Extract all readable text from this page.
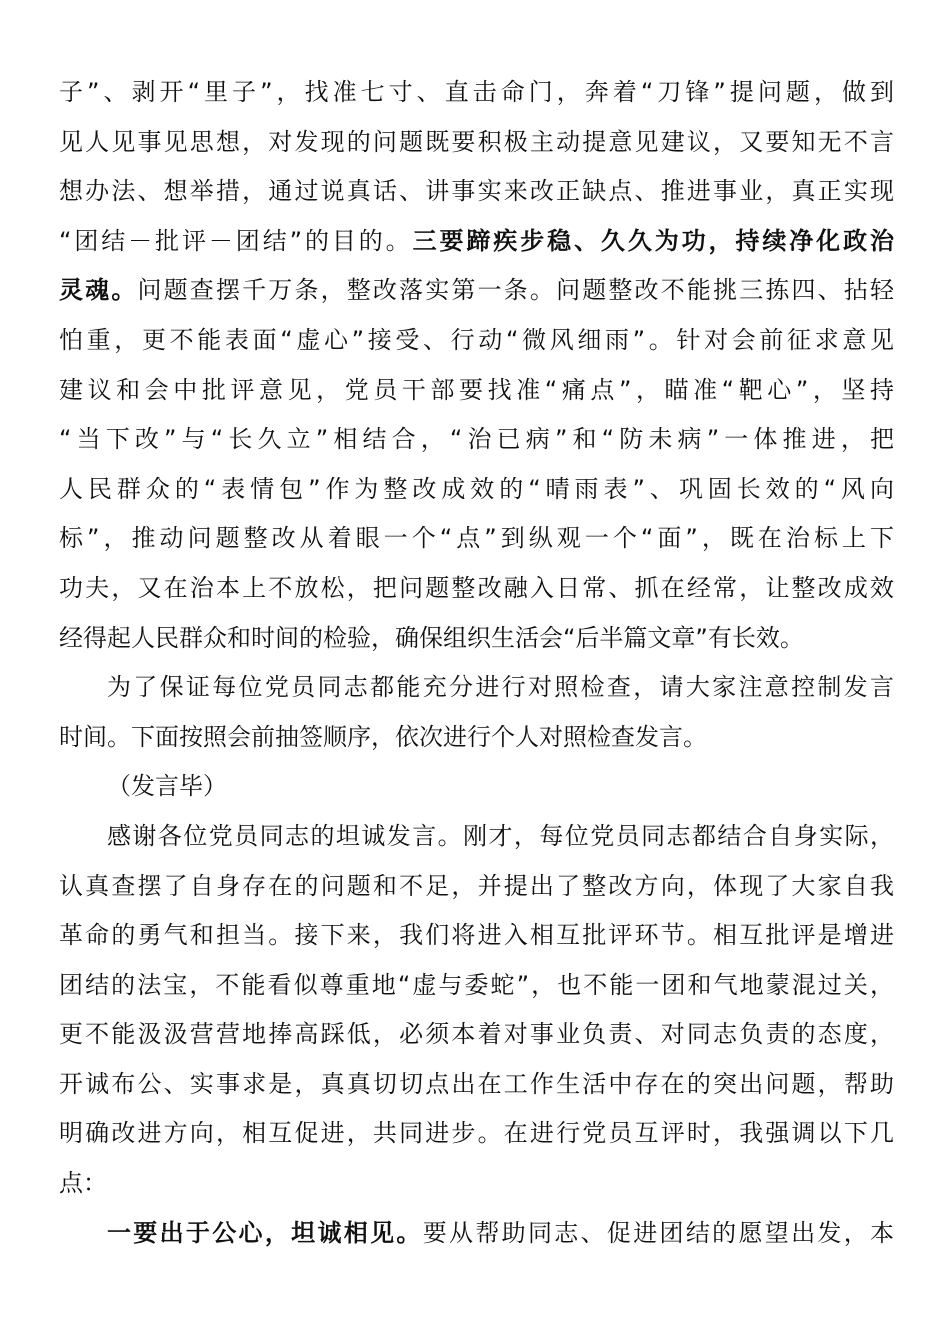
子”、剥开“里子”，找准七寸、直击命门，奔着“刀锋”提问题，做到
见人见事见思想，对发现的问题既要积极主动提意见建议，又要知无不言
想办法、想举措，通过说真话、讲事实来改正缺点、推进事业，真正实现
“团结－批评－团结”的目的。三要蹄疾步稳、久久为功，持续净化政治
灵魂。问题查摆千万条，整改落实第一条。问题整改不能挑三拣四、拈轻
怕重，更不能表面“虚心”接受、行动“微风细雨”。针对会前征求意见
建议和会中批评意见，党员干部要找准“痛点”，瞄准“靶心”，坚持
“当下改”与“长久立”相结合，“治已病”和“防未病”一体推进，把
人民群众的“表情包”作为整改成效的“晴雨表”、巩固长效的“风向
标”，推动问题整改从着眼一个“点”到纵观一个“面”，既在治标上下
功夫，又在治本上不放松，把问题整改融入日常、抓在经常，让整改成效
经得起人民群众和时间的检验，确保组织生活会“后半篇文章”有长效。
为了保证每位党员同志都能充分进行对照检查，请大家注意控制发言
时间。下面按照会前抽签顺序，依次进行个人对照检查发言。
（发言毕）
感谢各位党员同志的坦诚发言。刚才，每位党员同志都结合自身实际，
认真查摆了自身存在的问题和不足，并提出了整改方向，体现了大家自我
革命的勇气和担当。接下来，我们将进入相互批评环节。相互批评是增进
团结的法宝，不能看似尊重地“虚与委蛇”，也不能一团和气地蒙混过关，
更不能汲汲营营地捧高踩低，必须本着对事业负责、对同志负责的态度，
开诚布公、实事求是，真真切切点出在工作生活中存在的突出问题，帮助
明确改进方向，相互促进，共同进步。在进行党员互评时，我强调以下几
点：
一要出于公心，坦诚相见。要从帮助同志、促进团结的愿望出发，本
